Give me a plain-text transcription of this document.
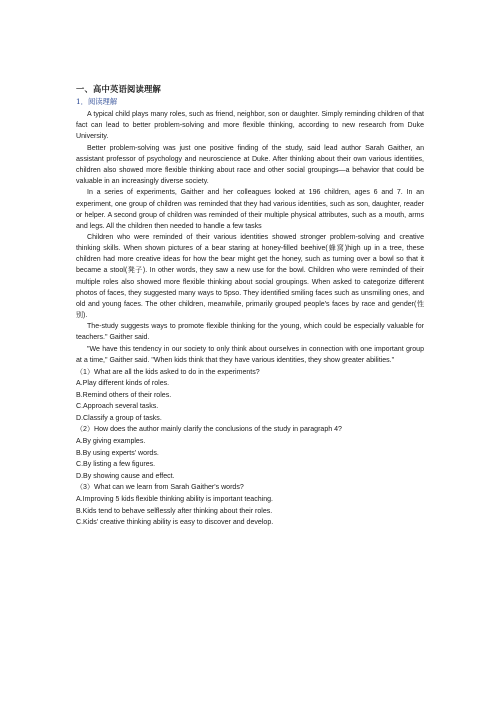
一、高中英语阅读理解
1．阅读理解

A typical child plays many roles, such as friend, neighbor, son or daughter. Simply reminding children of that fact can lead to better problem-solving and more flexible thinking, according to new research from Duke University.

Better problem-solving was just one positive finding of the study, said lead author Sarah Gaither, an assistant professor of psychology and neuroscience at Duke. After thinking about their own various identities, children also showed more flexible thinking about race and other social groupings—a behavior that could be valuable in an increasingly diverse society.

In a series of experiments, Gaither and her colleagues looked at 196 children, ages 6 and 7. In an experiment, one group of children was reminded that they had various identities, such as son, daughter, reader or helper. A second group of children was reminded of their multiple physical attributes, such as a mouth, arms and legs. All the children then needed to handle a few tasks

Children who were reminded of their various identities showed stronger problem-solving and creative thinking skills. When shown pictures of a bear staring at honey-filled beehive(蜂窝)high up in a tree, these children had more creative ideas for how the bear might get the honey, such as turning over a bowl so that it became a stool(凳子). In other words, they saw a new use for the bowl. Children who were reminded of their multiple roles also showed more flexible thinking about social groupings. When asked to categorize different photos of faces, they suggested many ways to 5pso. They identified smiling faces such as unsmiling ones, and old and young faces. The other children, meanwhile, primarily grouped people's faces by race and gender(性别).

The-study suggests ways to promote flexible thinking for the young, which could be especially valuable for teachers." Gaither said.

"We have this tendency in our society to only think about ourselves in connection with one important group at a time," Gaither said. "When kids think that they have various identities, they show greater abilities."

（1）What are all the kids asked to do in the experiments?

A.Play different kinds of roles.

B.Remind others of their roles.

C.Approach several tasks.

D.Classify a group of tasks.

（2）How does the author mainly clarify the conclusions of the study in paragraph 4?

A.By giving examples.

B.By using experts' words.

C.By listing a few figures.

D.By showing cause and effect.

（3）What can we learn from Sarah Gaither's words?

A.Improving 5 kids flexible thinking ability is important teaching.

B.Kids tend to behave selflessly after thinking about their roles.

C.Kids' creative thinking ability is easy to discover and develop.
